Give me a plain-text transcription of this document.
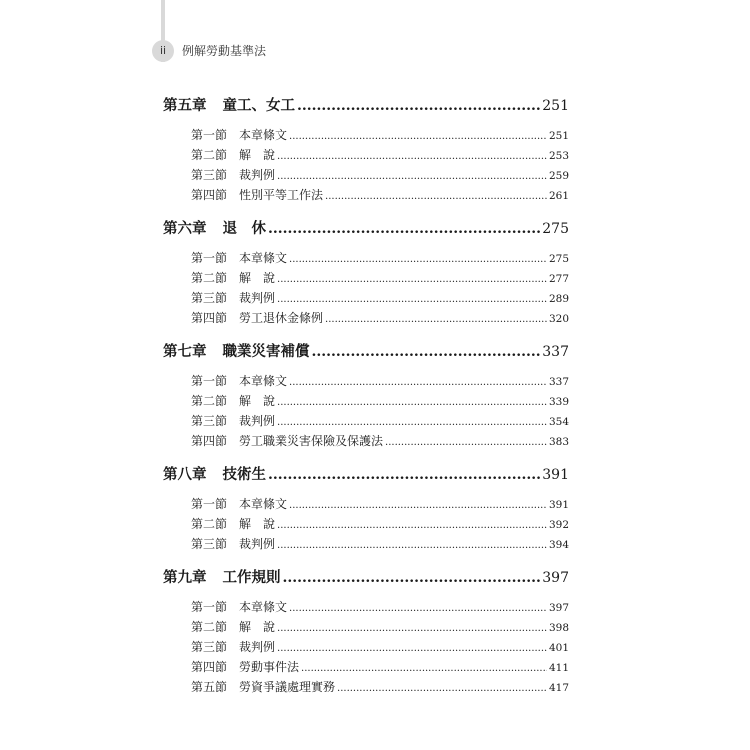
ii	例解勞動基準法
第五章 童工、女工 .....	251
第一節 本章條文 .....	251
第二節 解　說 .....	253
第三節 裁判例 .....	259
第四節 性別平等工作法 .....	261
第六章 退　休 .....	275
第一節 本章條文 .....	275
第二節 解　說 .....	277
第三節 裁判例 .....	289
第四節 勞工退休金條例 .....	320
第七章 職業災害補償 .....	337
第一節 本章條文 .....	337
第二節 解　說 .....	339
第三節 裁判例 .....	354
第四節 勞工職業災害保險及保護法 .....	383
第八章 技術生 .....	391
第一節 本章條文 .....	391
第二節 解　說 .....	392
第三節 裁判例 .....	394
第九章 工作規則 .....	397
第一節 本章條文 .....	397
第二節 解　說 .....	398
第三節 裁判例 .....	401
第四節 勞動事件法 .....	411
第五節 勞資爭議處理實務 .....	417
